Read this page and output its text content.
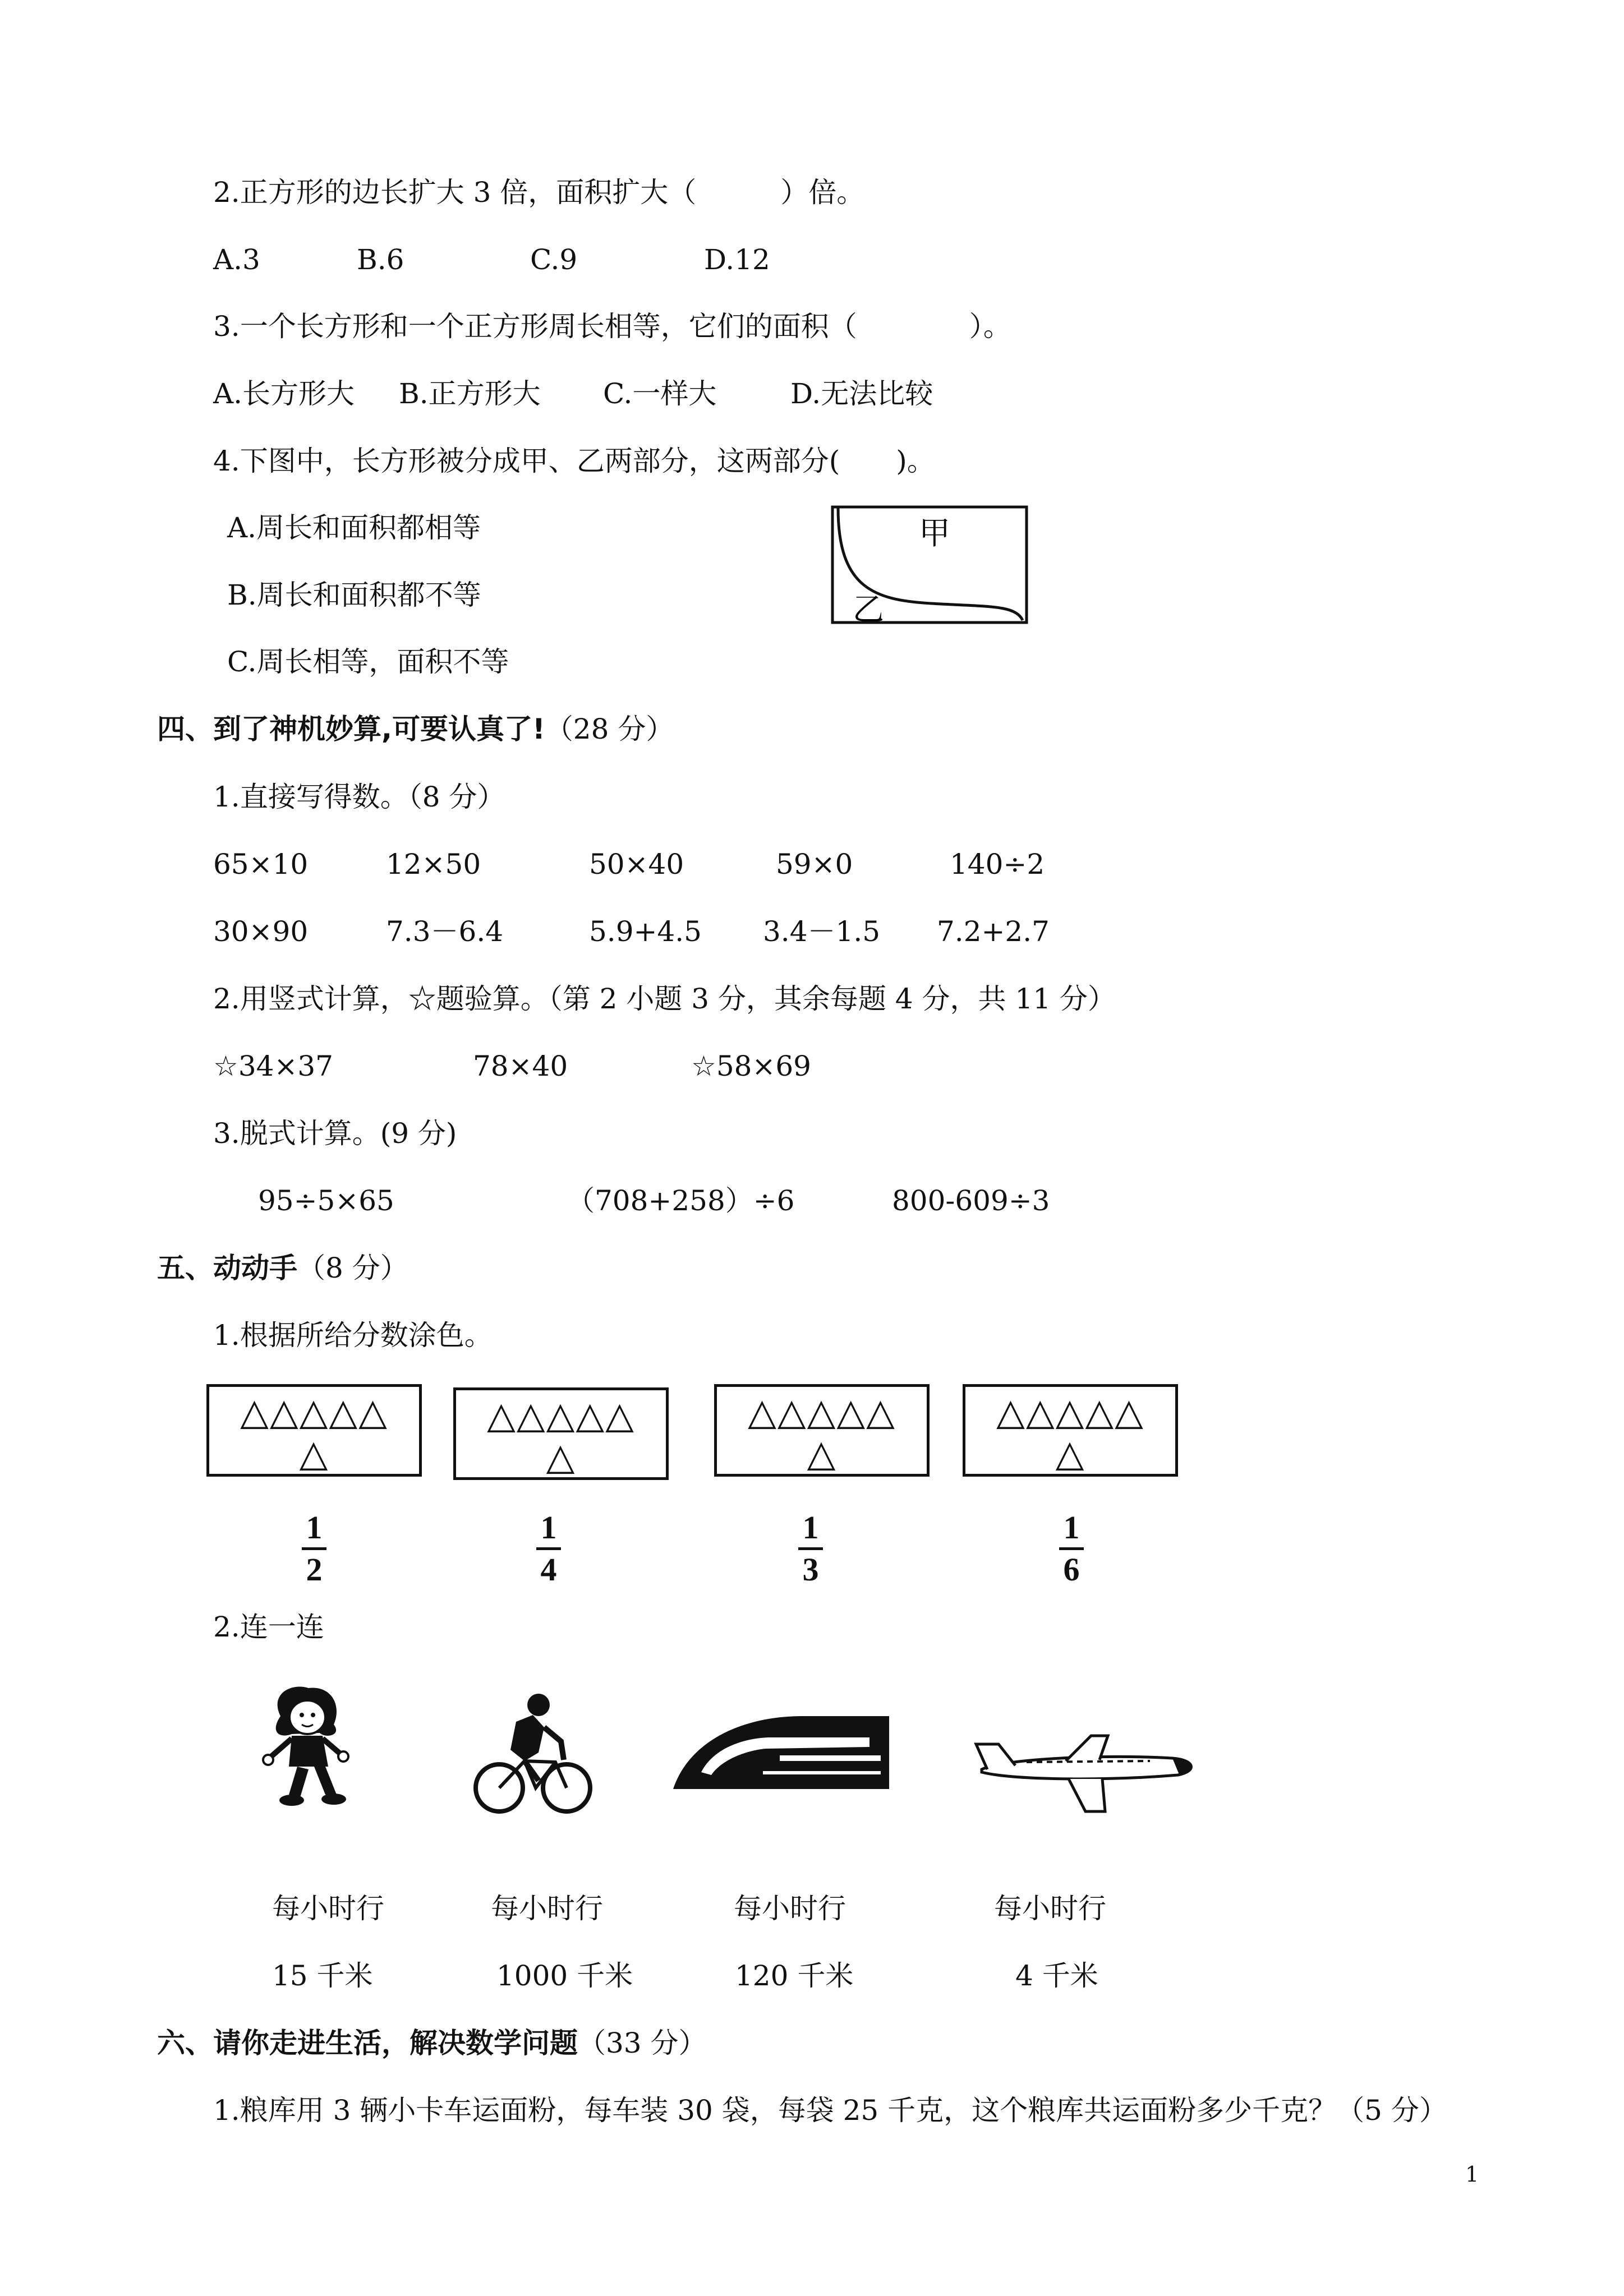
2.正方形的边长扩大 3 倍，面积扩大（　　　）倍。
A.3	B.6	C.9	D.12
3.一个长方形和一个正方形周长相等，它们的面积（　　　　）。
A.长方形大 B.正方形大 C.一样大	D.无法比较
4.下图中，长方形被分成甲、乙两部分，这两部分(　　)。
A.周长和面积都相等
B.周长和面积都不等
C.周长相等，面积不等
甲
乙
四、到了神机妙算,可要认真了!（28 分）
1.直接写得数。（8 分）
65×10	12×50	50×40	59×0	140÷2
30×90	7.3－6.4	5.9+4.5 3.4－1.5 7.2+2.7
2.用竖式计算，☆题验算。（第 2 小题 3 分，其余每题 4 分，共 11 分）
☆34×37	78×40	☆58×69
3.脱式计算。(9 分)
95÷5×65	（708+258）÷6	800-609÷3
五、动动手（8 分）
1.根据所给分数涂色。
△△△△△
△
△△△△△
△
△△△△△
△
△△△△△
△
1
2
1
4
1
3
1
6
2.连一连
每小时行	每小时行	每小时行	每小时行
15 千米	1000 千米	120 千米	4 千米
六、请你走进生活，解决数学问题（33 分）
1.粮库用 3 辆小卡车运面粉，每车装 30 袋，每袋 25 千克，这个粮库共运面粉多少千克？（5 分）
1
